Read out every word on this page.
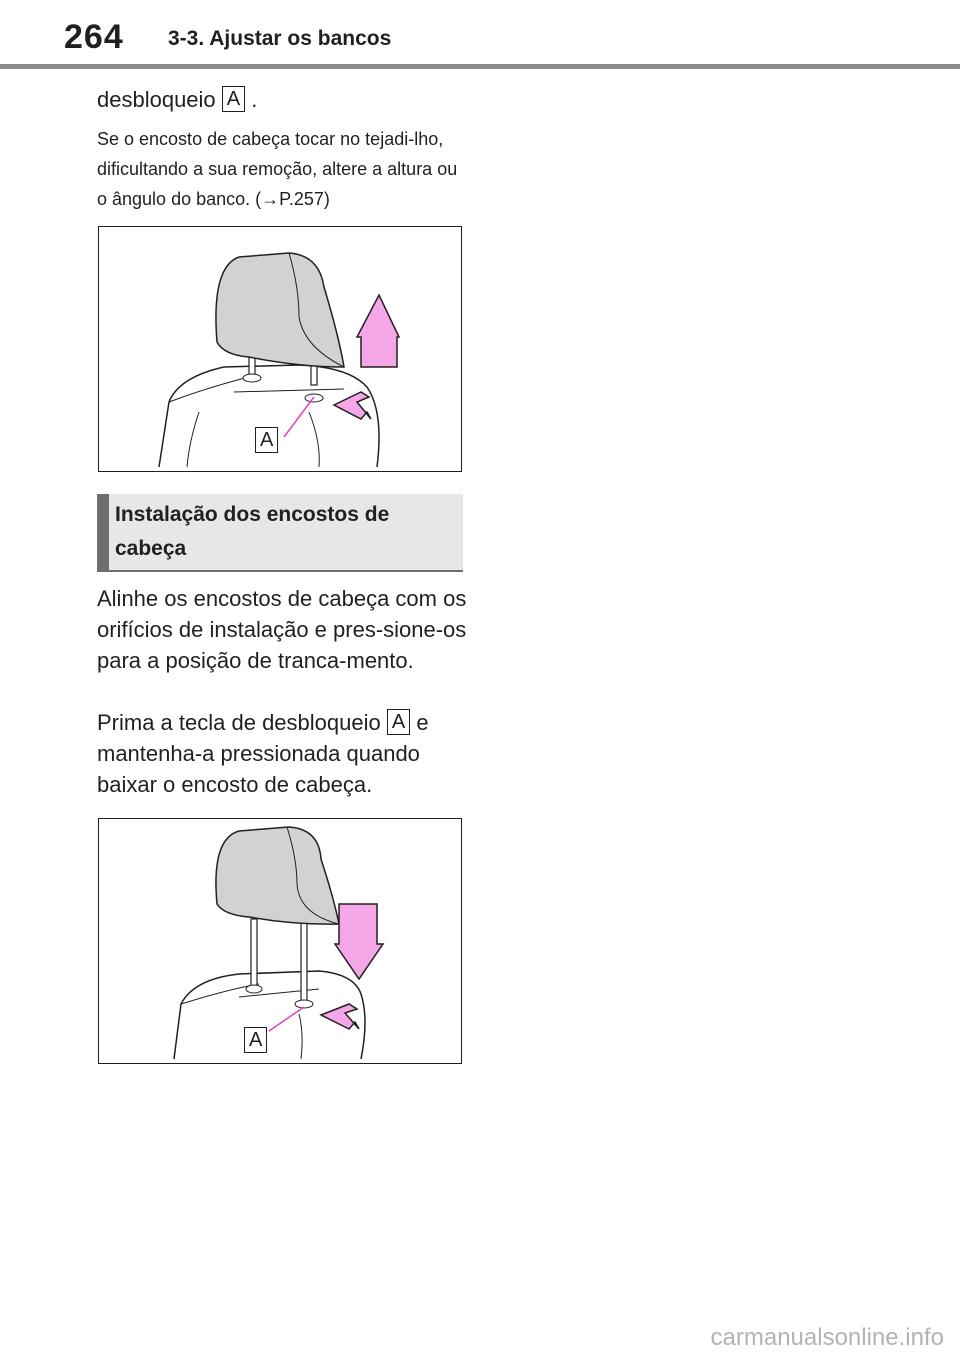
264 3-3. Ajustar os bancos
desbloqueio A .
Se o encosto de cabeça tocar no tejadi-lho, dificultando a sua remoção, altere a altura ou o ângulo do banco. (→P.257)
A
Instalação dos encostos de cabeça
Alinhe os encostos de cabeça com os orifícios de instalação e pres-sione-os para a posição de tranca-mento.
Prima a tecla de desbloqueio A e mantenha-a pressionada quando baixar o encosto de cabeça.
A
carmanualsonline.info
